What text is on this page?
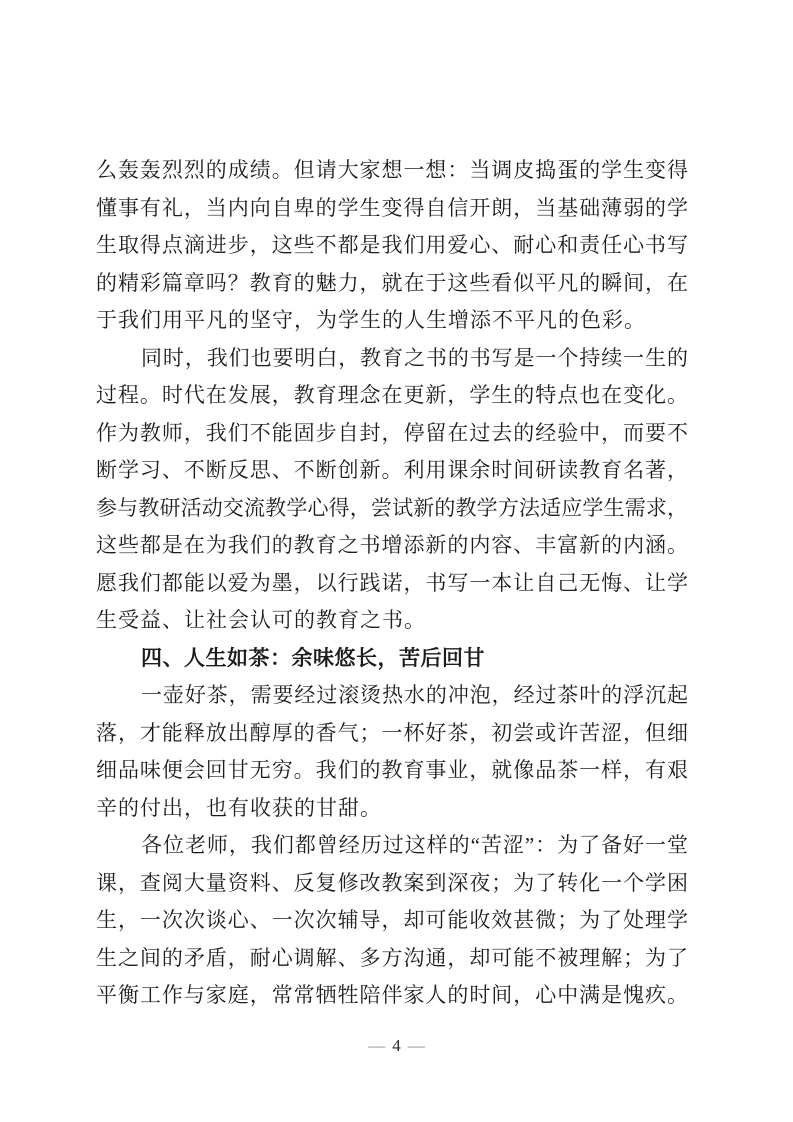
么轰轰烈烈的成绩。但请大家想一想：当调皮捣蛋的学生变得
懂事有礼，当内向自卑的学生变得自信开朗，当基础薄弱的学
生取得点滴进步，这些不都是我们用爱心、耐心和责任心书写
的精彩篇章吗？教育的魅力，就在于这些看似平凡的瞬间，在
于我们用平凡的坚守，为学生的人生增添不平凡的色彩。
同时，我们也要明白，教育之书的书写是一个持续一生的
过程。时代在发展，教育理念在更新，学生的特点也在变化。
作为教师，我们不能固步自封，停留在过去的经验中，而要不
断学习、不断反思、不断创新。利用课余时间研读教育名著，
参与教研活动交流教学心得，尝试新的教学方法适应学生需求，
这些都是在为我们的教育之书增添新的内容、丰富新的内涵。
愿我们都能以爱为墨，以行践诺，书写一本让自己无悔、让学
生受益、让社会认可的教育之书。
四、人生如茶：余味悠长，苦后回甘
一壶好茶，需要经过滚烫热水的冲泡，经过茶叶的浮沉起
落，才能释放出醇厚的香气；一杯好茶，初尝或许苦涩，但细
细品味便会回甘无穷。我们的教育事业，就像品茶一样，有艰
辛的付出，也有收获的甘甜。
各位老师，我们都曾经历过这样的“苦涩”：为了备好一堂
课，查阅大量资料、反复修改教案到深夜；为了转化一个学困
生，一次次谈心、一次次辅导，却可能收效甚微；为了处理学
生之间的矛盾，耐心调解、多方沟通，却可能不被理解；为了
平衡工作与家庭，常常牺牲陪伴家人的时间，心中满是愧疚。
— 4 —
